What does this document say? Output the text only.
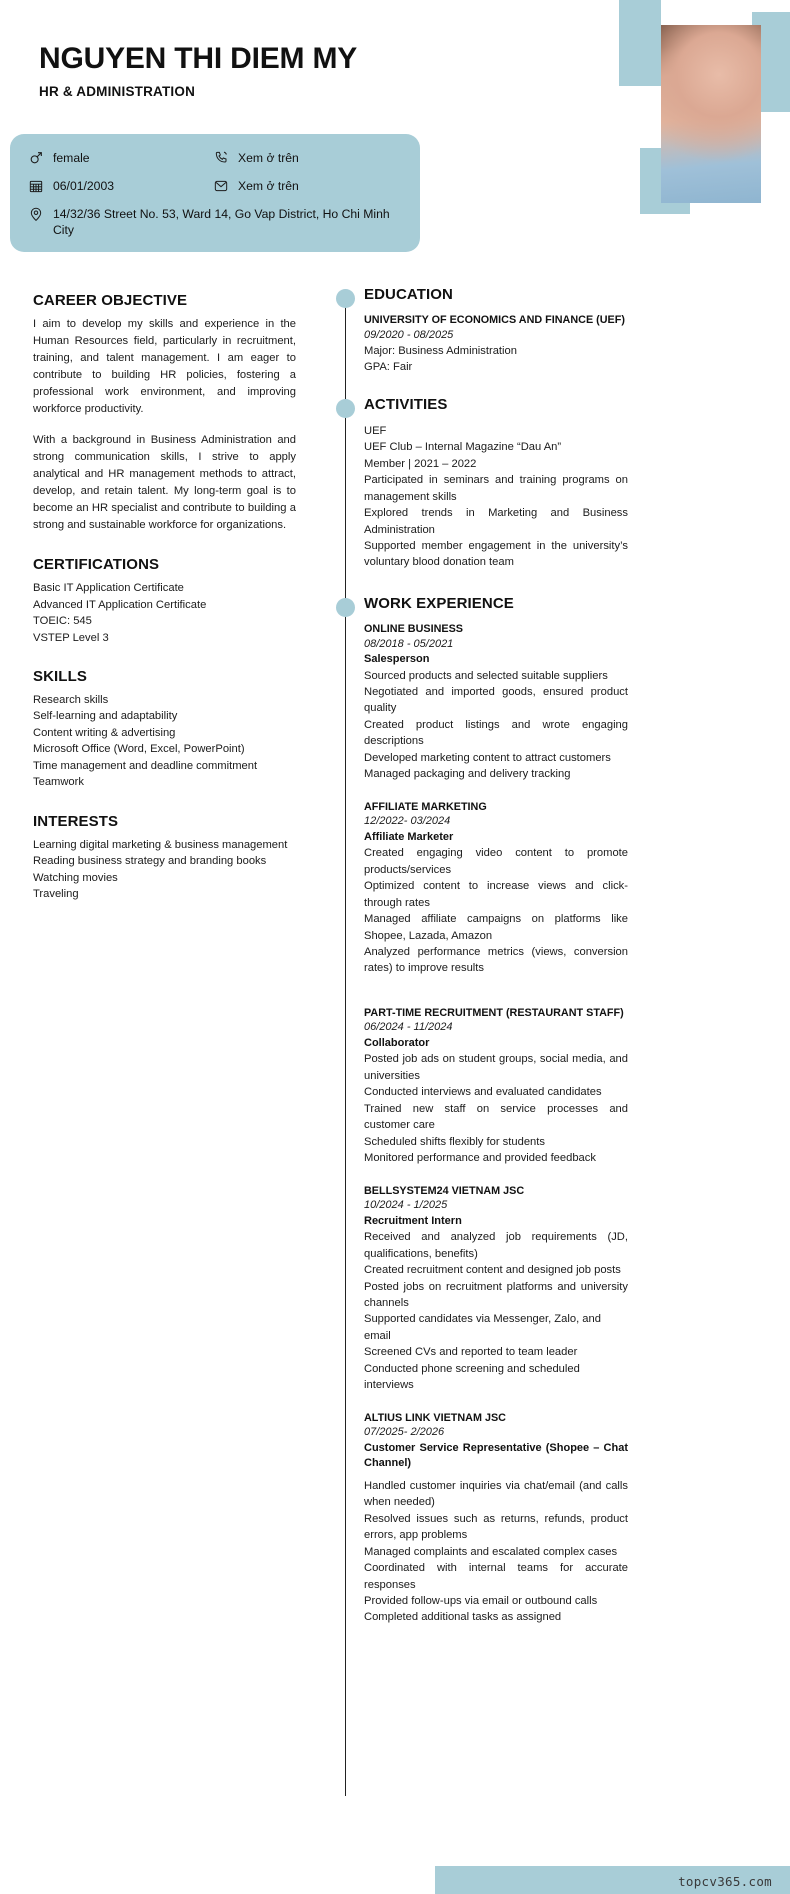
NGUYEN THI DIEM MY
HR & ADMINISTRATION
female	Xem ở trên
06/01/2003	Xem ở trên
14/32/36 Street No. 53, Ward 14, Go Vap District, Ho Chi Minh City
CAREER OBJECTIVE

I aim to develop my skills and experience in the Human Resources field, particularly in recruitment, training, and talent management. I am eager to contribute to building HR policies, fostering a professional work environment, and improving workforce productivity.

With a background in Business Administration and strong communication skills, I strive to apply analytical and HR management methods to attract, develop, and retain talent. My long-term goal is to become an HR specialist and contribute to building a strong and sustainable workforce for organizations.

CERTIFICATIONS
Basic IT Application Certificate
Advanced IT Application Certificate
TOEIC: 545
VSTEP Level 3
SKILLS
Research skills
Self-learning and adaptability
Content writing & advertising
Microsoft Office (Word, Excel, PowerPoint)
Time management and deadline commitment
Teamwork
INTERESTS
Learning digital marketing & business management
Reading business strategy and branding books
Watching movies
Traveling
EDUCATION
UNIVERSITY OF ECONOMICS AND FINANCE (UEF)
09/2020 - 08/2025
Major: Business Administration
GPA: Fair
ACTIVITIES
UEF
UEF Club – Internal Magazine “Dau An”
Member | 2021 – 2022
Participated in seminars and training programs on management skills
Explored trends in Marketing and Business Administration
Supported member engagement in the university’s voluntary blood donation team
WORK EXPERIENCE
ONLINE BUSINESS
08/2018 - 05/2021
Salesperson
Sourced products and selected suitable suppliers
Negotiated and imported goods, ensured product quality
Created product listings and wrote engaging descriptions
Developed marketing content to attract customers
Managed packaging and delivery tracking
AFFILIATE MARKETING
12/2022- 03/2024
Affiliate Marketer
Created engaging video content to promote products/services
Optimized content to increase views and click-through rates
Managed affiliate campaigns on platforms like Shopee, Lazada, Amazon
Analyzed performance metrics (views, conversion rates) to improve results
PART-TIME RECRUITMENT (RESTAURANT STAFF)
06/2024 - 11/2024
Collaborator
Posted job ads on student groups, social media, and universities
Conducted interviews and evaluated candidates
Trained new staff on service processes and customer care
Scheduled shifts flexibly for students
Monitored performance and provided feedback
BELLSYSTEM24 VIETNAM JSC
10/2024 - 1/2025
Recruitment Intern
Received and analyzed job requirements (JD, qualifications, benefits)
Created recruitment content and designed job posts
Posted jobs on recruitment platforms and university channels
Supported candidates via Messenger, Zalo, and email
Screened CVs and reported to team leader
Conducted phone screening and scheduled interviews
ALTIUS LINK VIETNAM JSC
07/2025- 2/2026
Customer Service Representative (Shopee – Chat Channel)
Handled customer inquiries via chat/email (and calls when needed)
Resolved issues such as returns, refunds, product errors, app problems
Managed complaints and escalated complex cases
Coordinated with internal teams for accurate responses
Provided follow-ups via email or outbound calls
Completed additional tasks as assigned
topcv365.com
